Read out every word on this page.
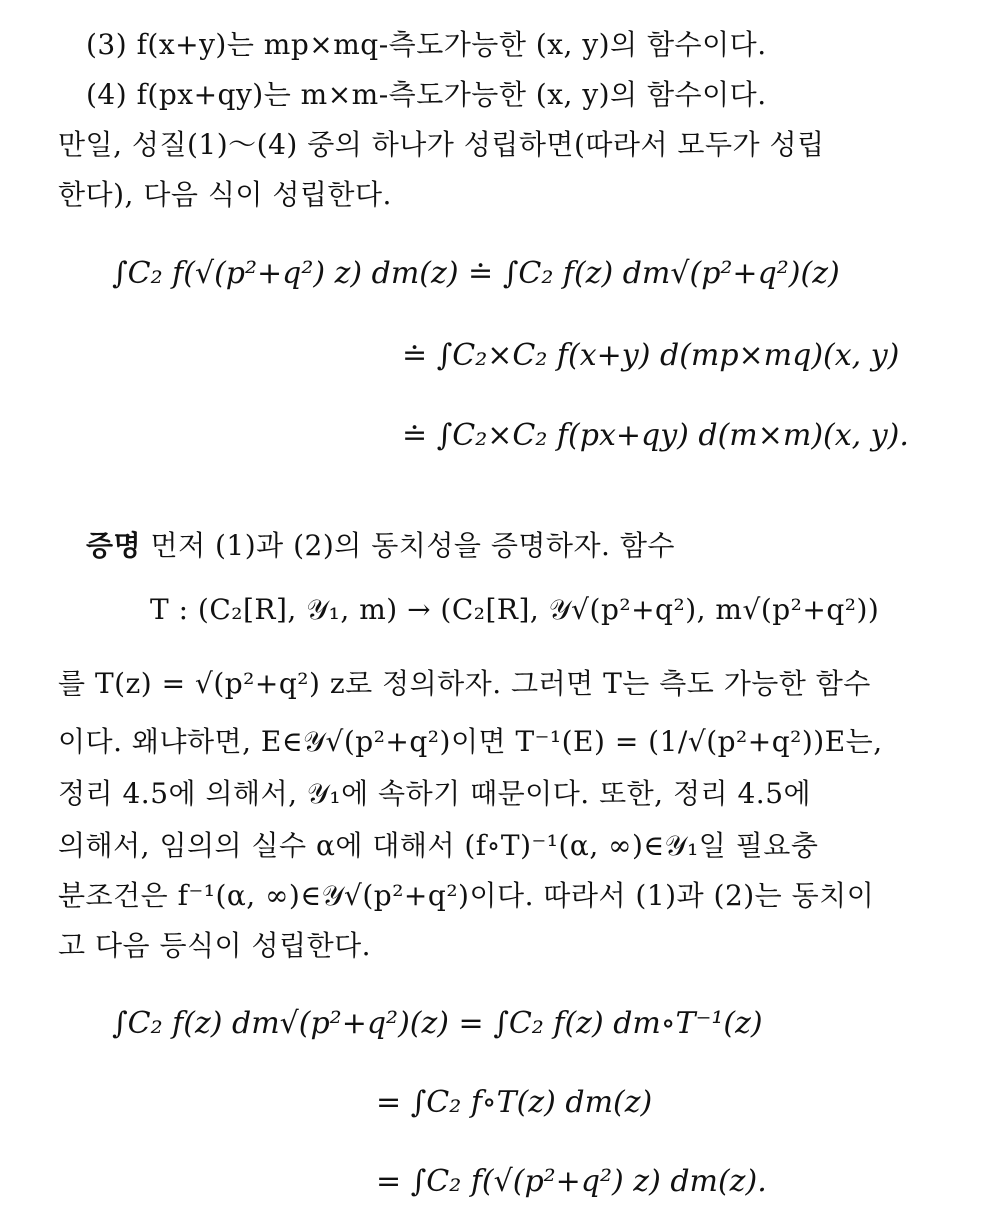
(3) f(x+y)는 mp×mq-측도가능한 (x, y)의 함수이다.
(4) f(px+qy)는 m×m-측도가능한 (x, y)의 함수이다.
만일, 성질(1)～(4) 중의 하나가 성립하면(따라서 모두가 성립
한다), 다음 식이 성립한다.
∫C₂ f(√(p²+q²) z) dm(z) ≐ ∫C₂ f(z) dm√(p²+q²)(z)
≐ ∫C₂×C₂ f(x+y) d(mp×mq)(x, y)
≐ ∫C₂×C₂ f(px+qy) d(m×m)(x, y).
증명 먼저 (1)과 (2)의 동치성을 증명하자. 함수
T : (C₂[R], 𝒴₁, m) → (C₂[R], 𝒴√(p²+q²), m√(p²+q²))
를 T(z) = √(p²+q²) z로 정의하자. 그러면 T는 측도 가능한 함수
이다. 왜냐하면, E∈𝒴√(p²+q²)이면 T⁻¹(E) = (1/√(p²+q²))E는,
정리 4.5에 의해서, 𝒴₁에 속하기 때문이다. 또한, 정리 4.5에
의해서, 임의의 실수 α에 대해서 (f∘T)⁻¹(α, ∞)∈𝒴₁일 필요충
분조건은 f⁻¹(α, ∞)∈𝒴√(p²+q²)이다. 따라서 (1)과 (2)는 동치이
고 다음 등식이 성립한다.
∫C₂ f(z) dm√(p²+q²)(z) = ∫C₂ f(z) dm∘T⁻¹(z)
= ∫C₂ f∘T(z) dm(z)
= ∫C₂ f(√(p²+q²) z) dm(z).
